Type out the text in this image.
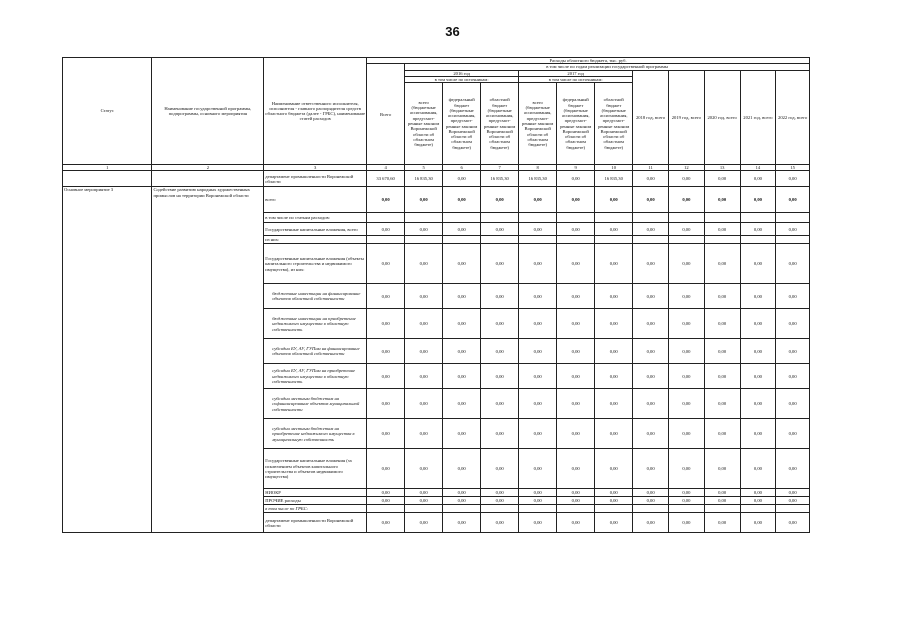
36
Статус	Наименование государственной программы, подпрограммы, основного мероприятия	Наименование ответственного исполнителя, исполнителя - главного распорядителя средств областного бюджета (далее - ГРБС), наименование статей расходов	Расходы областного бюджета, тыс. руб.											
			Всего	в том числе по годам реализации государственной программы										
				2016 год			2017 год			2018 год, всего	2019 год, всего	2020 год, всего	2021 год, всего	2022 год, всего
				в том числе по источникам:			в том числе по источникам:							
				всего (бюджетные ассигнования, предусмот-ренные законом Воронежской области об областном бюджете)	федеральный бюджет (бюджетные ассигнования, предусмот-ренные законом Воронежской области об областном бюджете)	областной бюджет (бюджетные ассигнования, предусмот-ренные законом Воронежской области об областном бюджете)	всего (бюджетные ассигнования, предусмот-ренные законом Воронежской области об областном бюджете)	федеральный бюджет (бюджетные ассигнования, предусмот-ренные законом Воронежской области об областном бюджете)	областной бюджет (бюджетные ассигнования, предусмот-ренные законом Воронежской области об областном бюджете)					
1	2	3	4	5	6	7	8	9	10	11	12	13	14	15
		департамент промышленности Воронежской области	33 670,60	16 835,30	0,00	16 835,30	16 835,30	0,00	16 835,30	0,00	0,00	0,00	0,00	0,00
Основное мероприятие 3	Содействие развитию народных художественных промыслов на территории Воронежской области	всего	0,00	0,00	0,00	0,00	0,00	0,00	0,00	0,00	0,00	0,00	0,00	0,00
		в том числе по статьям расходов:												
		Государственные капитальные вложения, всего	0,00	0,00	0,00	0,00	0,00	0,00	0,00	0,00	0,00	0,00	0,00	0,00
		из них:												
		Государственные капитальные вложения (объекты капитального строительства и недвижимого имущества), из них:	0,00	0,00	0,00	0,00	0,00	0,00	0,00	0,00	0,00	0,00	0,00	0,00
		бюджетные инвестиции на финансирование объектов областной собственности	0,00	0,00	0,00	0,00	0,00	0,00	0,00	0,00	0,00	0,00	0,00	0,00
		бюджетные инвестиции на приобретение недвижимого имущества в областную собственность	0,00	0,00	0,00	0,00	0,00	0,00	0,00	0,00	0,00	0,00	0,00	0,00
		субсидии БУ, АУ, ГУПам на финансирование объектов областной собственности	0,00	0,00	0,00	0,00	0,00	0,00	0,00	0,00	0,00	0,00	0,00	0,00
		субсидии БУ, АУ, ГУПам на приобретение недвижимого имущества в областную собственность	0,00	0,00	0,00	0,00	0,00	0,00	0,00	0,00	0,00	0,00	0,00	0,00
		субсидии местным бюджетам на софинансирование объектов муниципальной собственности	0,00	0,00	0,00	0,00	0,00	0,00	0,00	0,00	0,00	0,00	0,00	0,00
		субсидии местным бюджетам на приобретение недвижимого имущества в муниципальную собственность	0,00	0,00	0,00	0,00	0,00	0,00	0,00	0,00	0,00	0,00	0,00	0,00
		Государственные капитальные вложения (за исключением объектов капитального строительства и объектов недвижимого имущества)	0,00	0,00	0,00	0,00	0,00	0,00	0,00	0,00	0,00	0,00	0,00	0,00
		НИОКР	0,00	0,00	0,00	0,00	0,00	0,00	0,00	0,00	0,00	0,00	0,00	0,00
		ПРОЧИЕ расходы	0,00	0,00	0,00	0,00	0,00	0,00	0,00	0,00	0,00	0,00	0,00	0,00
		в том числе по ГРБС:												
		департамент промышленности Воронежской области	0,00	0,00	0,00	0,00	0,00	0,00	0,00	0,00	0,00	0,00	0,00	0,00
